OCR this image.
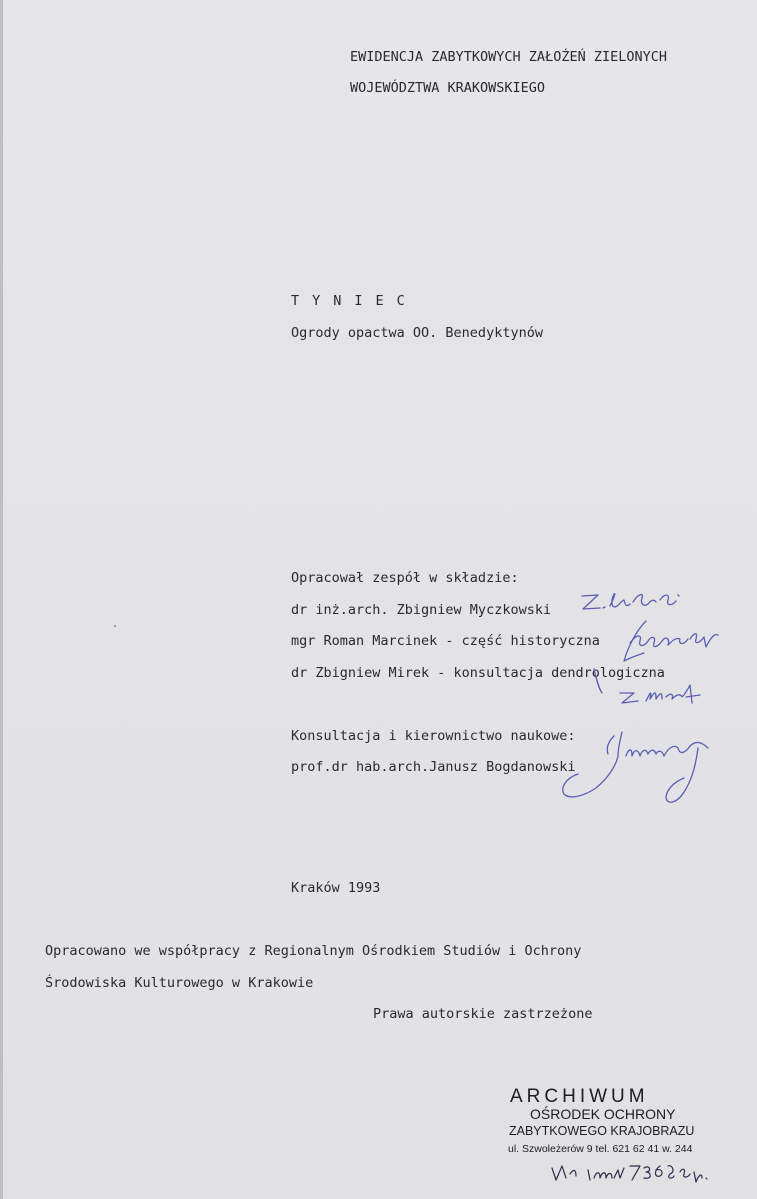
EWIDENCJA ZABYTKOWYCH ZAŁOŻEŃ ZIELONYCH
WOJEWÓDZTWA KRAKOWSKIEGO
TYNIEC
Ogrody opactwa OO. Benedyktynów
Opracował zespół w składzie:
dr inż.arch. Zbigniew Myczkowski
mgr Roman Marcinek - część historyczna
dr Zbigniew Mirek - konsultacja dendrologiczna
Konsultacja i kierownictwo naukowe:
prof.dr hab.arch.Janusz Bogdanowski
Kraków 1993
Opracowano we współpracy z Regionalnym Ośrodkiem Studiów i Ochrony
Środowiska Kulturowego w Krakowie
Prawa autorskie zastrzeżone
ARCHIWUM
OŚRODEK OCHRONY
ZABYTKOWEGO KRAJOBRAZU
ul. Szwoleżerów 9 tel. 621 62 41 w. 244
